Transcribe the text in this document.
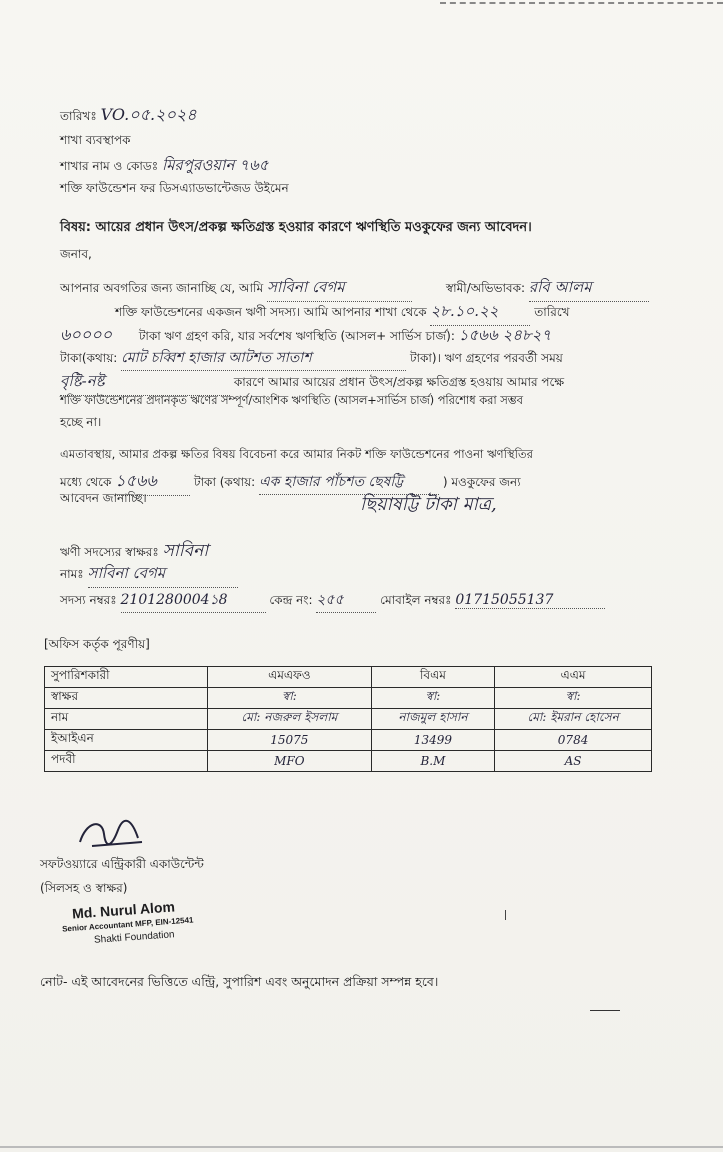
তারিখঃ VO.০৫.২০২৪
শাখা ব্যবস্থাপক
শাখার নাম ও কোডঃ মিরপুরওয়ান ৭৬৫
শক্তি ফাউন্ডেশন ফর ডিসএ্যাডভান্টেজড উইমেন
বিষয়: আয়ের প্রধান উৎস/প্রকল্প ক্ষতিগ্রস্ত হওয়ার কারণে ঋণস্থিতি মওকুফের জন্য আবেদন।
জনাব,
আপনার অবগতির জন্য জানাচ্ছি যে, আমি সাবিনা বেগম	স্বামী/অভিভাবক: রবি আলম
শক্তি ফাউন্ডেশনের একজন ঋণী সদস্য। আমি আপনার শাখা থেকে ২৮.১০.২২	তারিখে
৬০০০০ টাকা ঋণ গ্রহণ করি, যার সর্বশেষ ঋণস্থিতি (আসল+ সার্ভিস চার্জ): ১৫৬৬ ২৪৮২৭
টাকা(কথায়: মোট চব্বিশ হাজার আটশত সাতাশ	টাকা)। ঋণ গ্রহণের পরবর্তী সময়
বৃষ্টি-নষ্ট	কারণে আমার আয়ের প্রধান উৎস/প্রকল্প ক্ষতিগ্রস্ত হওয়ায় আমার পক্ষে
শক্তি ফাউন্ডেশনের প্রদানকৃত ঋণের সম্পূর্ণ/আংশিক ঋণস্থিতি (আসল+সার্ভিস চার্জ) পরিশোধ করা সম্ভব
হচ্ছে না।
এমতাবস্থায়, আমার প্রকল্প ক্ষতির বিষয় বিবেচনা করে আমার নিকট শক্তি ফাউন্ডেশনের পাওনা ঋণস্থিতির
মধ্যে থেকে ১৫৬৬	টাকা (কথায়: এক হাজার পাঁচশত ছেষট্টি	) মওকুফের জন্য
আবেদন জানাচ্ছি।	ছিয়াষট্টি টাকা মাত্র,
ঋণী সদস্যের স্বাক্ষরঃ সাবিনা
নামঃ সাবিনা বেগম
সদস্য নম্বরঃ 2101280004১8	কেন্দ্র নং: ২৫৫	মোবাইল নম্বরঃ 01715055137
[অফিস কর্তৃক পূরণীয়]
সুপারিশকারী	এমএফও	বিএম	এএম
স্বাক্ষর	স্বা:	স্বা:	স্বা:
নাম	মো: নজরুল ইসলাম	নাজমুল হাসান	মো: ইমরান হোসেন
ইআইএন	15075	13499	0784
পদবী	MFO	B.M	AS
সফটওয়্যারে এন্ট্রিকারী একাউন্টেন্ট
(সিলসহ ও স্বাক্ষর)
Md. Nurul Alom
Senior Accountant MFP, EIN-12541
Shakti Foundation
নোট- এই আবেদনের ভিত্তিতে এন্ট্রি, সুপারিশ এবং অনুমোদন প্রক্রিয়া সম্পন্ন হবে।
